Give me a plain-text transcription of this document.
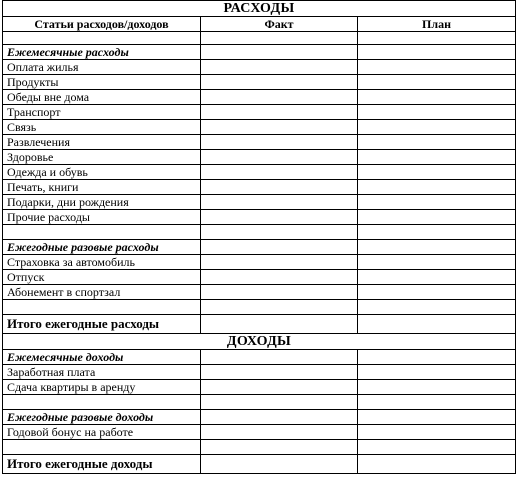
РАСХОДЫ		
Статьи расходов/доходов	Факт	План

Ежемесячные расходы		
Оплата жилья		
Продукты		
Обеды вне дома		
Транспорт		
Связь		
Развлечения		
Здоровье		
Одежда и обувь		
Печать, книги		
Подарки, дни рождения		
Прочие расходы		

Ежегодные разовые расходы		
Страховка за автомобиль		
Отпуск		
Абонемент в спортзал		

Итого ежегодные расходы		
ДОХОДЫ		
Ежемесячные доходы		
Заработная плата		
Сдача квартиры в аренду		

Ежегодные разовые доходы		
Годовой бонус на работе		

Итого ежегодные доходы		
